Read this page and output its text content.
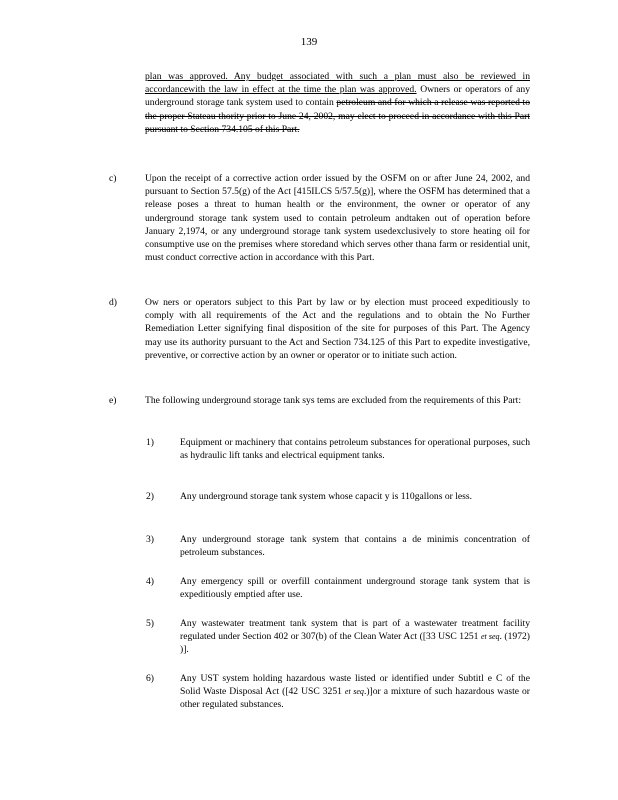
139

plan was approved. Any budget associated with such a plan must also be reviewed in accordancewith the law in effect at the time the plan was approved. Owners or operators of any underground storage tank system used to contain petroleum and for which a release was reported to the proper Stateau thority prior to June 24, 2002, may elect to proceed in accordance with this Part pursuant to Section 734.105 of this Part.

c)	Upon the receipt of a corrective action order issued by the OSFM on or after June 24, 2002, and pursuant to Section 57.5(g) of the Act [415ILCS 5/57.5(g)], where the OSFM has determined that a release poses a threat to human health or the environment, the owner or operator of any underground storage tank system used to contain petroleum andtaken out of operation before January 2,1974, or any underground storage tank system usedexclusively to store heating oil for consumptive use on the premises where storedand which serves other thana farm or residential unit, must conduct corrective action in accordance with this Part.

d)	Ow ners or operators subject to this Part by law or by election must proceed expeditiously to comply with all requirements of the Act and the regulations and to obtain the No Further Remediation Letter signifying final disposition of the site for purposes of this Part. The Agency may use its authority pursuant to the Act and Section 734.125 of this Part to expedite investigative, preventive, or corrective action by an owner or operator or to initiate such action.

e)	The following underground storage tank sys tems are excluded from the requirements of this Part:

1)	Equipment or machinery that contains petroleum substances for operational purposes, such as hydraulic lift tanks and electrical equipment tanks.
2)	Any underground storage tank system whose capacit y is 110gallons or less.
3)	Any underground storage tank system that contains a de minimis concentration of petroleum substances.
4)	Any emergency spill or overfill containment underground storage tank system that is expeditiously emptied after use.
5)	Any wastewater treatment tank system that is part of a wastewater treatment facility regulated under Section 402 or 307(b) of the Clean Water Act ([33 USC 1251 et seq. (1972) )].
6)	Any UST system holding hazardous waste listed or identified under Subtitl e C of the Solid Waste Disposal Act ([42 USC 3251 et seq.)]or a mixture of such hazardous waste or other regulated substances.
